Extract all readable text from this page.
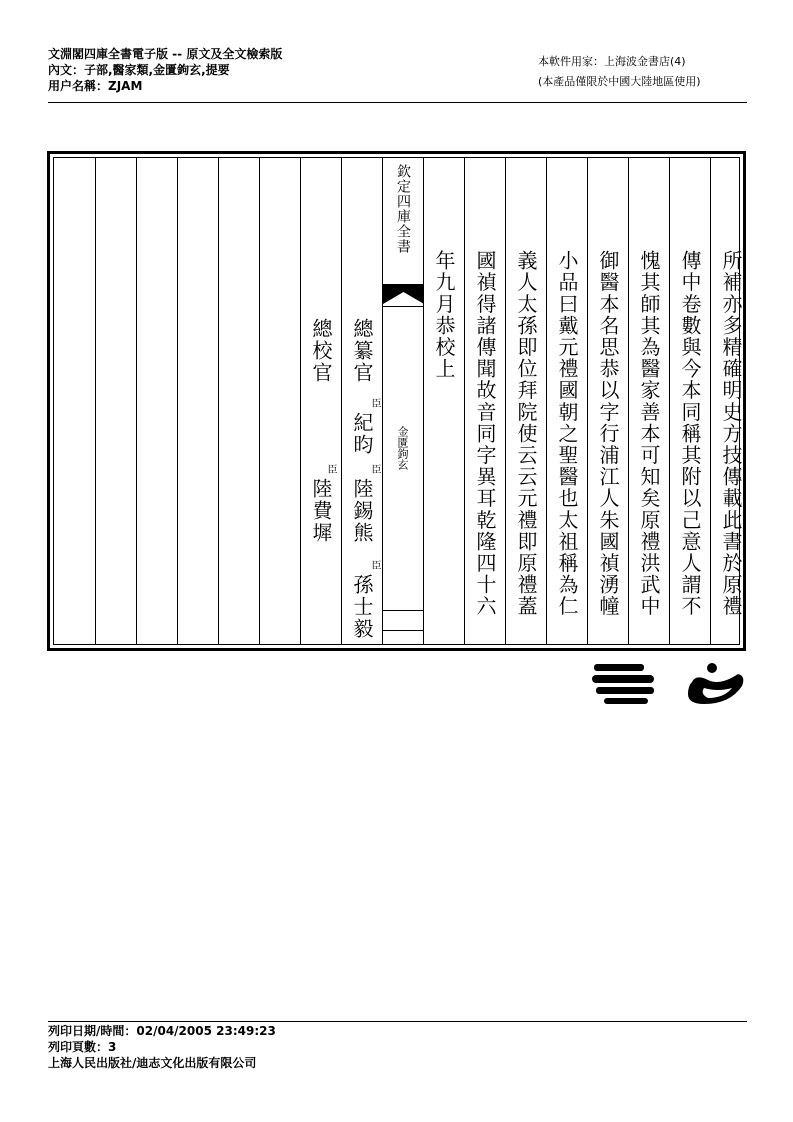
文淵閣四庫全書電子版 -- 原文及全文檢索版
內文：子部,醫家類,金匱鉤玄,提要
用户名稱：ZJAM
本軟件用家：上海波金書店(4)
(本產品僅限於中國大陸地區使用)
總校官
臣
陸費墀
總纂官
臣
紀昀
臣
陸錫熊
臣
孫士毅
欽定四庫全書
金匱鉤玄
年九月恭校上 國禎得諸傳聞故音同字異耳乾隆四十六 義人太孫即位拜院使云云元禮即原禮蓋 小品曰戴元禮國朝之聖醫也太祖稱為仁 御醫本名思恭以字行浦江人朱國禎湧幢 愧其師其為醫家善本可知矣原禮洪武中 傳中卷數與今本同稱其附以己意人謂不 所補亦多精確明史方技傳載此書於原禮
列印日期/時間：02/04/2005 23:49:23
列印頁數：3
上海人民出版社/迪志文化出版有限公司
